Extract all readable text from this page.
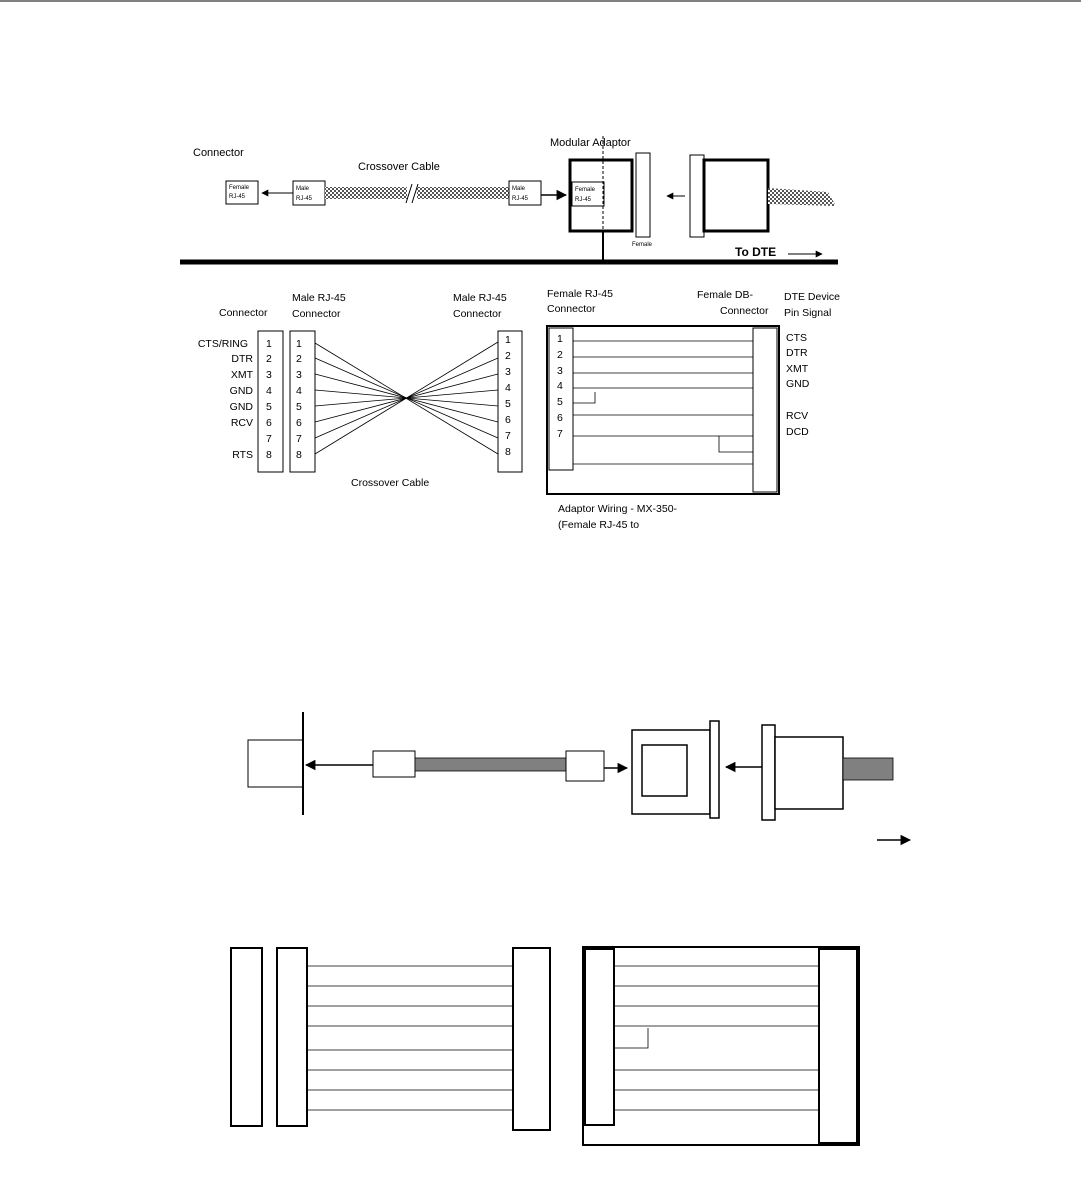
Connector
Crossover Cable
Modular Adaptor
Female
RJ-45
Male
RJ-45
Male
RJ-45
Female
RJ-45
Female	To DTE
Connector
Male RJ-45
Connector
Male RJ-45
Connector
Female RJ-45
Connector
Female DB-
Connector
DTE Device
Pin Signal
CTS/RING
DTR
XMT
GND
GND
RCV
RTS
1
2
3
4
5
6
7
8
1
2
3
4
5
6
7
8
1
2
3
4
5
6
7
8
Crossover Cable
1
2
3
4
5
6
7
CTS
DTR
XMT
GND
RCV
DCD
Adaptor Wiring - MX-350-
(Female RJ-45 to
